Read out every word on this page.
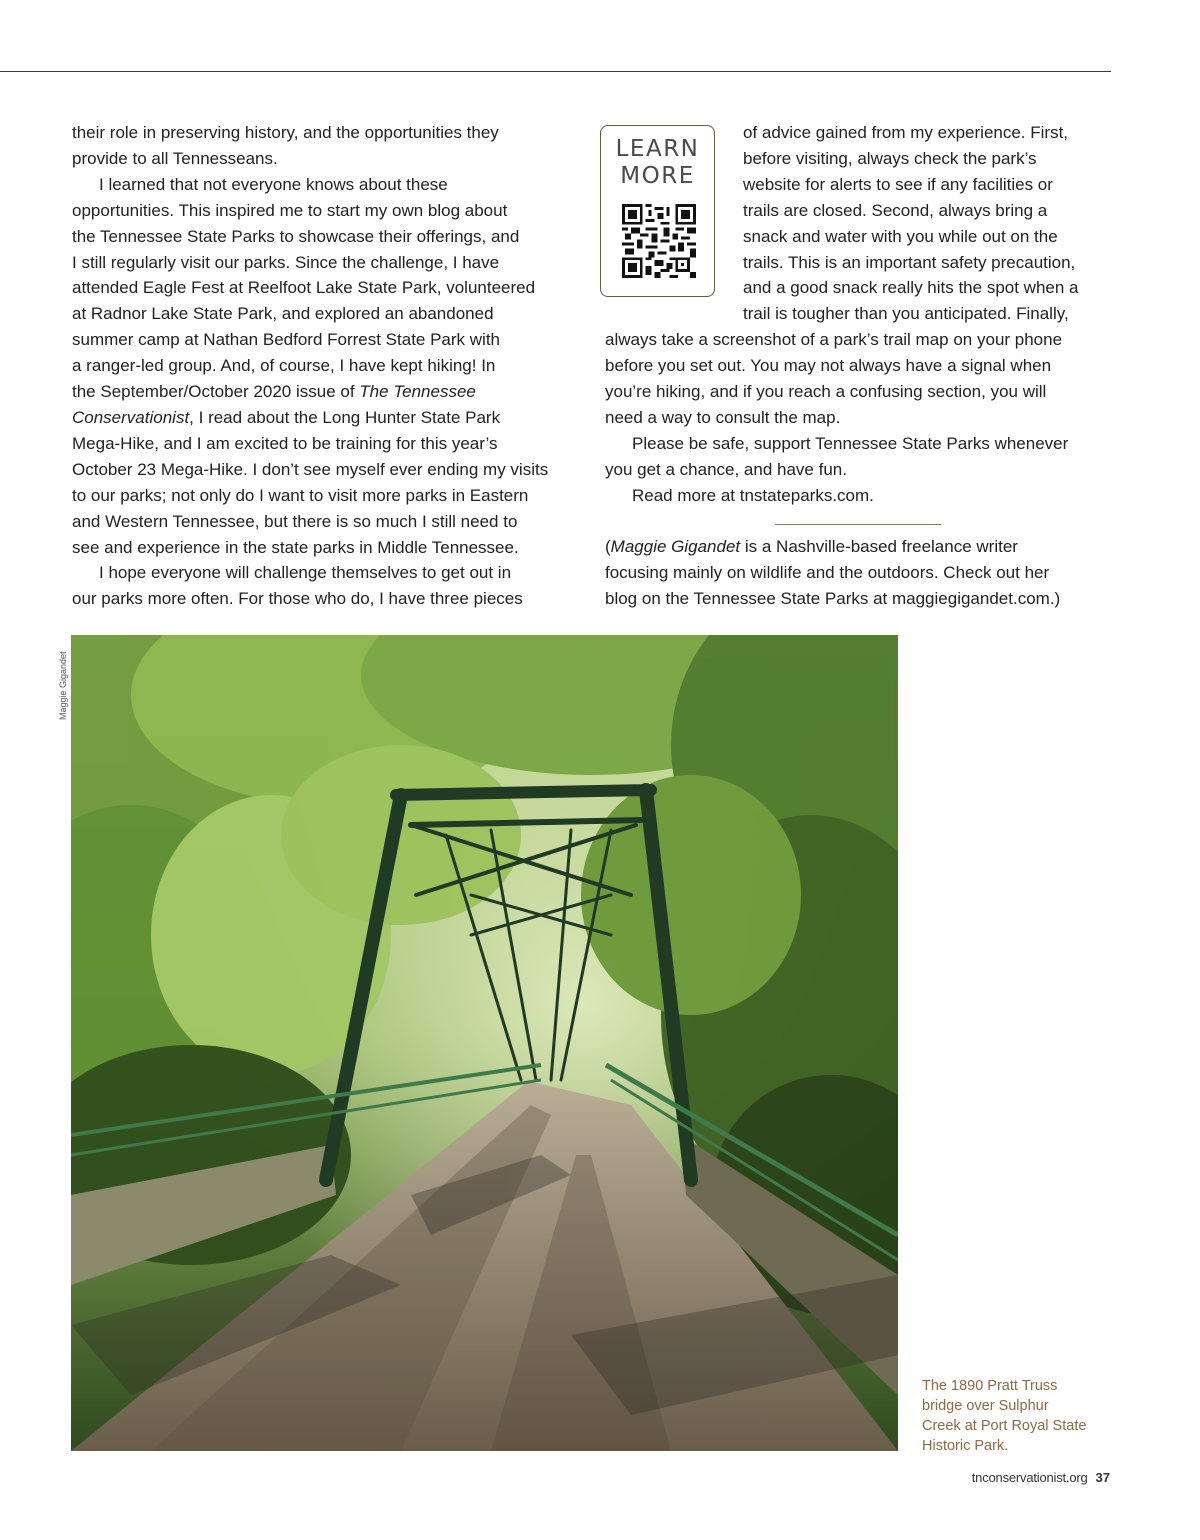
their role in preserving history, and the opportunities they
provide to all Tennesseans.

I learned that not everyone knows about these
opportunities. This inspired me to start my own blog about
the Tennessee State Parks to showcase their offerings, and
I still regularly visit our parks. Since the challenge, I have
attended Eagle Fest at Reelfoot Lake State Park, volunteered
at Radnor Lake State Park, and explored an abandoned
summer camp at Nathan Bedford Forrest State Park with
a ranger-led group. And, of course, I have kept hiking! In
the September/October 2020 issue of The Tennessee
Conservationist, I read about the Long Hunter State Park
Mega-Hike, and I am excited to be training for this year’s
October 23 Mega-Hike. I don’t see myself ever ending my visits
to our parks; not only do I want to visit more parks in Eastern
and Western Tennessee, but there is so much I still need to
see and experience in the state parks in Middle Tennessee.

I hope everyone will challenge themselves to get out in
our parks more often. For those who do, I have three pieces

LEARN
MORE

of advice gained from my experience. First,
before visiting, always check the park’s
website for alerts to see if any facilities or
trails are closed. Second, always bring a
snack and water with you while out on the
trails. This is an important safety precaution,
and a good snack really hits the spot when a
trail is tougher than you anticipated. Finally,
always take a screenshot of a park’s trail map on your phone
before you set out. You may not always have a signal when
you’re hiking, and if you reach a confusing section, you will
need a way to consult the map.

Please be safe, support Tennessee State Parks whenever
you get a chance, and have fun.

Read more at tnstateparks.com.

(Maggie Gigandet is a Nashville-based freelance writer
focusing mainly on wildlife and the outdoors. Check out her
blog on the Tennessee State Parks at maggiegigandet.com.)
Maggie Gigandet
The 1890 Pratt Truss
bridge over Sulphur
Creek at Port Royal State
Historic Park.
tnconservationist.org 37
